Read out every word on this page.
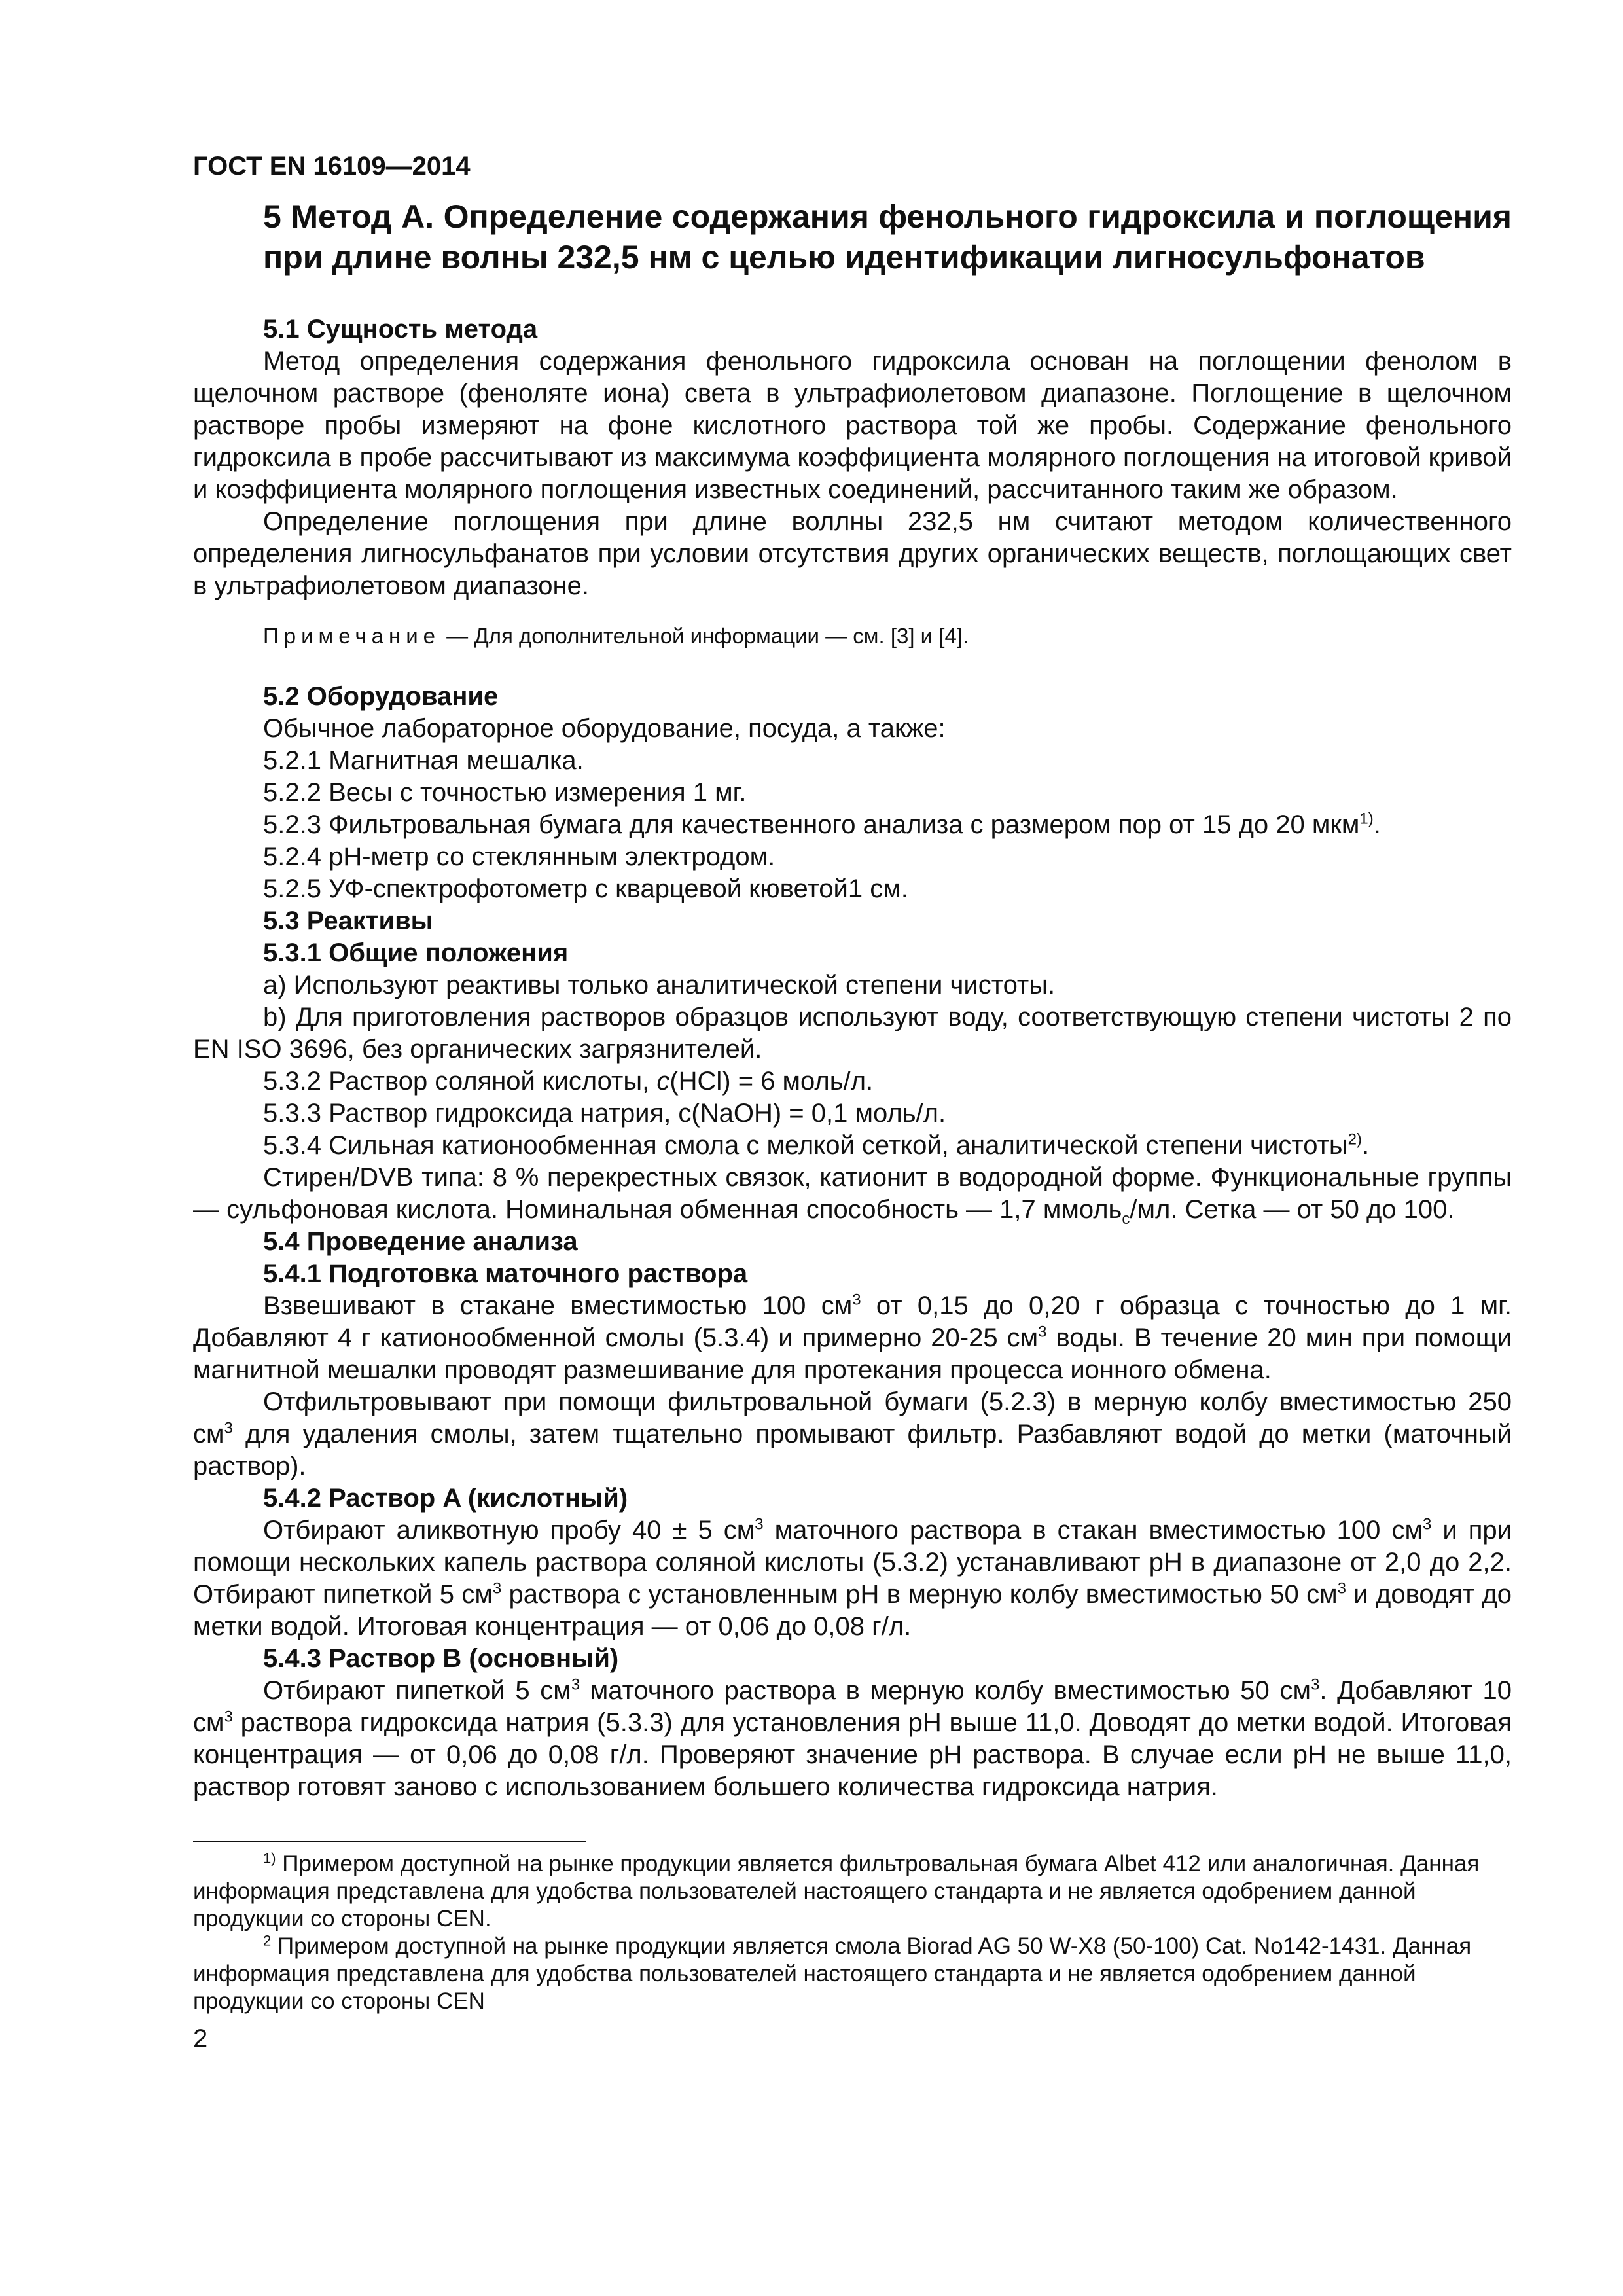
ГОСТ EN 16109—2014
5 Метод А. Определение содержания фенольного гидроксила и поглощения при длине волны 232,5 нм с целью идентификации лигносульфонатов
5.1 Сущность метода

Метод определения содержания фенольного гидроксила основан на поглощении фенолом в щелочном растворе (феноляте иона) света в ультрафиолетовом диапазоне. Поглощение в щелочном растворе пробы измеряют на фоне кислотного раствора той же пробы. Содержание фенольного гидроксила в пробе рассчитывают из максимума коэффициента молярного поглощения на итоговой кривой и коэффициента молярного поглощения известных соединений, рассчитанного таким же образом.

Определение поглощения при длине воллны 232,5 нм считают методом количественного определения лигносульфанатов при условии отсутствия других органических веществ, поглощающих свет в ультрафиолетовом диапазоне.

Примечание — Для дополнительной информации — см. [3] и [4].
5.2 Оборудование
Обычное лабораторное оборудование, посуда, а также:
5.2.1 Магнитная мешалка.
5.2.2 Весы с точностью измерения 1 мг.
5.2.3 Фильтровальная бумага для качественного анализа с размером пор от 15 до 20 мкм$^{1)}$.
5.2.4 рН-метр со стеклянным электродом.
5.2.5 УФ-спектрофотометр с кварцевой кюветой1 см.
5.3 Реактивы
5.3.1 Общие положения

а) Используют реактивы только аналитической степени чистоты.

b) Для приготовления растворов образцов используют воду, соответствующую степени чистоты 2 по EN ISO 3696, без органических загрязнителей.

5.3.2 Раствор соляной кислоты, c(HCl) = 6 моль/л.
5.3.3 Раствор гидроксида натрия, c(NaOH) = 0,1 моль/л.
5.3.4 Сильная катионообменная смола с мелкой сеткой, аналитической степени чистоты$^{2)}$.

Стирен/DVB типа: 8 % перекрестных связок, катионит в водородной форме. Функциональные группы — сульфоновая кислота. Номинальная обменная способность — 1,7 ммоль$_c$/мл. Сетка — от 50 до 100.

5.4 Проведение анализа
5.4.1 Подготовка маточного раствора

Взвешивают в стакане вместимостью 100 $см^3$ от 0,15 до 0,20 г образца с точностью до 1 мг. Добавляют 4 г катионообменной смолы (5.3.4) и примерно 20-25 $см^3$ воды. В течение 20 мин при помощи магнитной мешалки проводят размешивание для протекания процесса ионного обмена.

Отфильтровывают при помощи фильтровальной бумаги (5.2.3) в мерную колбу вместимостью 250 $см^3$ для удаления смолы, затем тщательно промывают фильтр. Разбавляют водой до метки (маточный раствор).

5.4.2 Раствор A (кислотный)

Отбирают аликвотную пробу 40 ± 5 $см^3$ маточного раствора в стакан вместимостью 100 $см^3$ и при помощи нескольких капель раствора соляной кислоты (5.3.2) устанавливают рН в диапазоне от 2,0 до 2,2. Отбирают пипеткой 5 $см^3$ раствора с установленным рН в мерную колбу вместимостью 50 $см^3$ и доводят до метки водой. Итоговая концентрация — от 0,06 до 0,08 г/л.

5.4.3 Раствор B (основный)

Отбирают пипеткой 5 $см^3$ маточного раствора в мерную колбу вместимостью 50 $см^3$. Добавляют 10 $см^3$ раствора гидроксида натрия (5.3.3) для установления рН выше 11,0. Доводят до метки водой. Итоговая концентрация — от 0,06 до 0,08 г/л. Проверяют значение рН раствора. В случае если рН не выше 11,0, раствор готовят заново с использованием большего количества гидроксида натрия.

$^{1)}$ Примером доступной на рынке продукции является фильтровальная бумага Albet 412 или аналогичная. Данная информация представлена для удобства пользователей настоящего стандарта и не является одобрением данной продукции со стороны CEN.

$^2$ Примером доступной на рынке продукции является смола Biorad AG 50 W-X8 (50-100) Cat. No142-1431. Данная информация представлена для удобства пользователей настоящего стандарта и не является одобрением данной продукции со стороны CEN

2
